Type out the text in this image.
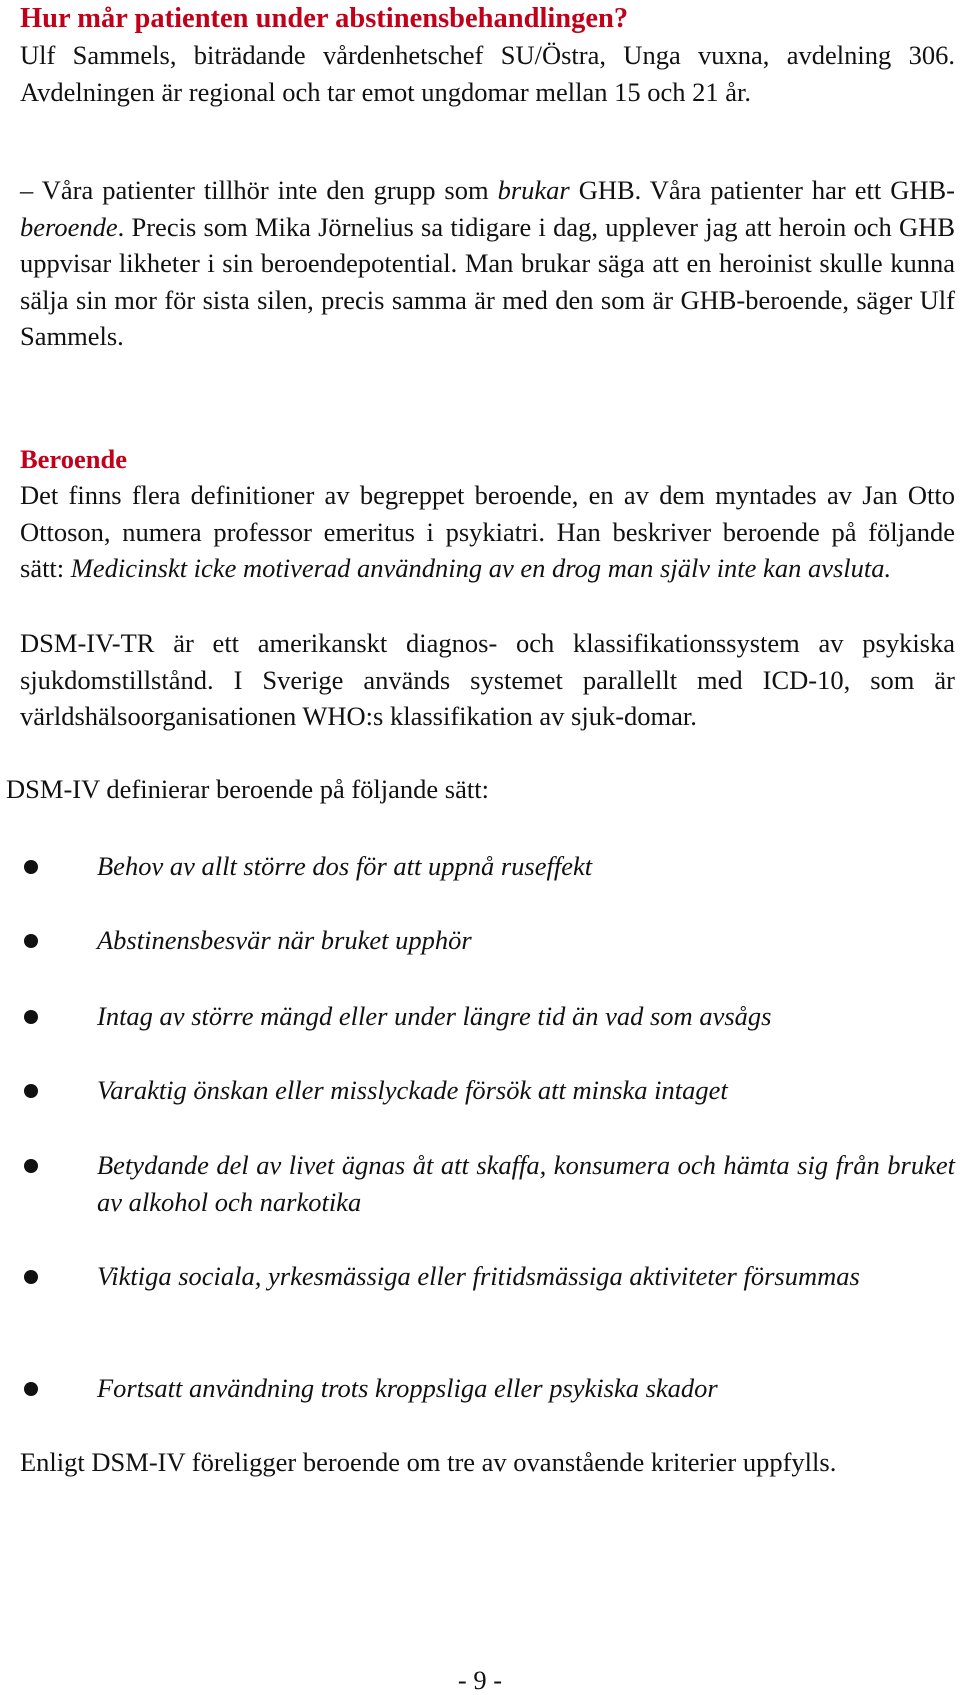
Hur mår patienten under abstinensbehandlingen?

Ulf Sammels, biträdande vårdenhetschef SU/Östra, Unga vuxna, avdelning 306. Avdelningen är regional och tar emot ungdomar mellan 15 och 21 år.

– Våra patienter tillhör inte den grupp som brukar GHB. Våra patienter har ett GHB-beroende. Precis som Mika Jörnelius sa tidigare i dag, upplever jag att heroin och GHB uppvisar likheter i sin beroendepotential. Man brukar säga att en heroinist skulle kunna sälja sin mor för sista silen, precis samma är med den som är GHB-beroende, säger Ulf Sammels.

Beroende

Det finns flera definitioner av begreppet beroende, en av dem myntades av Jan Otto Ottoson, numera professor emeritus i psykiatri. Han beskriver beroende på följande sätt: Medicinskt icke motiverad användning av en drog man själv inte kan avsluta.

DSM-IV-TR är ett amerikanskt diagnos- och klassifikationssystem av psykiska sjukdomstillstånd. I Sverige används systemet parallellt med ICD-10, som är världshälsoorganisationen WHO:s klassifikation av sjuk-domar.

DSM-IV definierar beroende på följande sätt:

Behov av allt större dos för att uppnå ruseffekt

Abstinensbesvär när bruket upphör

Intag av större mängd eller under längre tid än vad som avsågs

Varaktig önskan eller misslyckade försök att minska intaget

Betydande del av livet ägnas åt att skaffa, konsumera och hämta sig från bruket av alkohol och narkotika

Viktiga sociala, yrkesmässiga eller fritidsmässiga aktiviteter försummas

Fortsatt användning trots kroppsliga eller psykiska skador

Enligt DSM-IV föreligger beroende om tre av ovanstående kriterier uppfylls.

- 9 -
